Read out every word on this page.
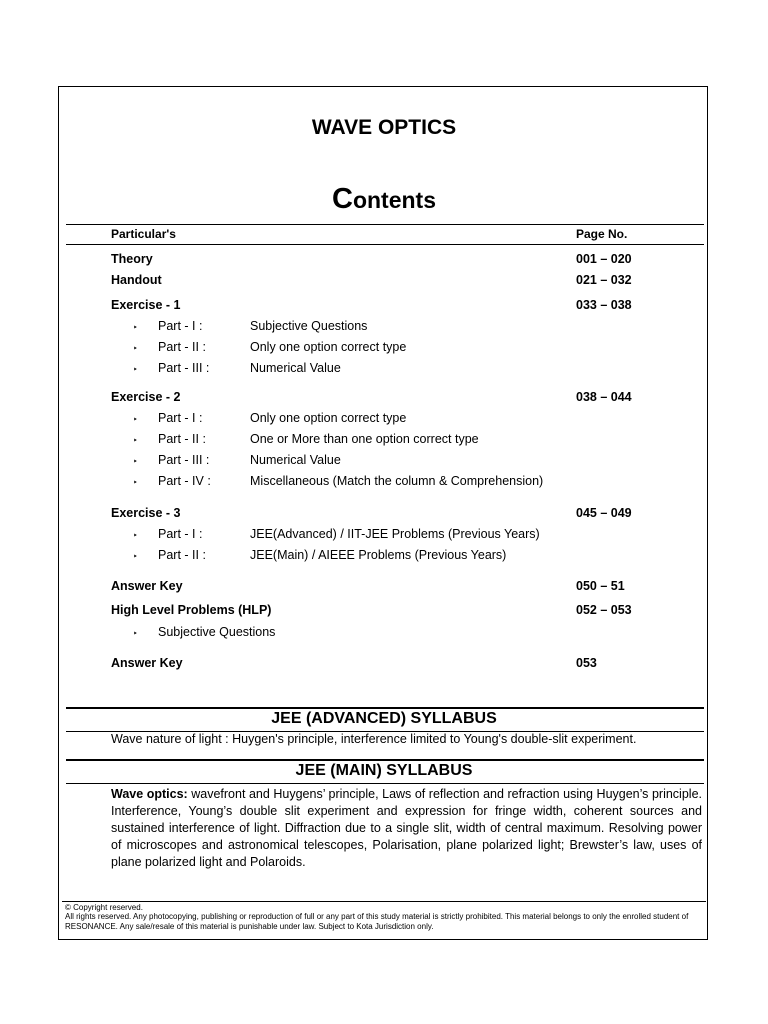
WAVE OPTICS
Contents
Particular's	Page No.
Theory	001 – 020
Handout	021 – 032
Exercise - 1	033 – 038
‣ Part - I :	Subjective Questions
‣ Part - II :	Only one option correct type
‣ Part - III :	Numerical Value
Exercise - 2	038 – 044
‣ Part - I :	Only one option correct type
‣ Part - II :	One or More than one option correct type
‣ Part - III :	Numerical Value
‣ Part - IV :	Miscellaneous (Match the column & Comprehension)
Exercise - 3	045 – 049
‣ Part - I :	JEE(Advanced) / IIT-JEE Problems (Previous Years)
‣ Part - II :	JEE(Main) / AIEEE Problems (Previous Years)
Answer Key	050 – 51
High Level Problems (HLP)	052 – 053
‣ Subjective Questions
Answer Key	053
JEE (ADVANCED) SYLLABUS
Wave nature of light : Huygen's principle, interference limited to Young's double-slit experiment.
JEE (MAIN) SYLLABUS
Wave optics: wavefront and Huygens’ principle, Laws of reflection and refraction using Huygen’s principle. Interference, Young’s double slit experiment and expression for fringe width, coherent sources and sustained interference of light. Diffraction due to a single slit, width of central maximum. Resolving power of microscopes and astronomical telescopes, Polarisation, plane polarized light; Brewster’s law, uses of plane polarized light and Polaroids.
© Copyright reserved.
All rights reserved. Any photocopying, publishing or reproduction of full or any part of this study material is strictly prohibited. This material belongs to only the enrolled student of RESONANCE. Any sale/resale of this material is punishable under law. Subject to Kota Jurisdiction only.
